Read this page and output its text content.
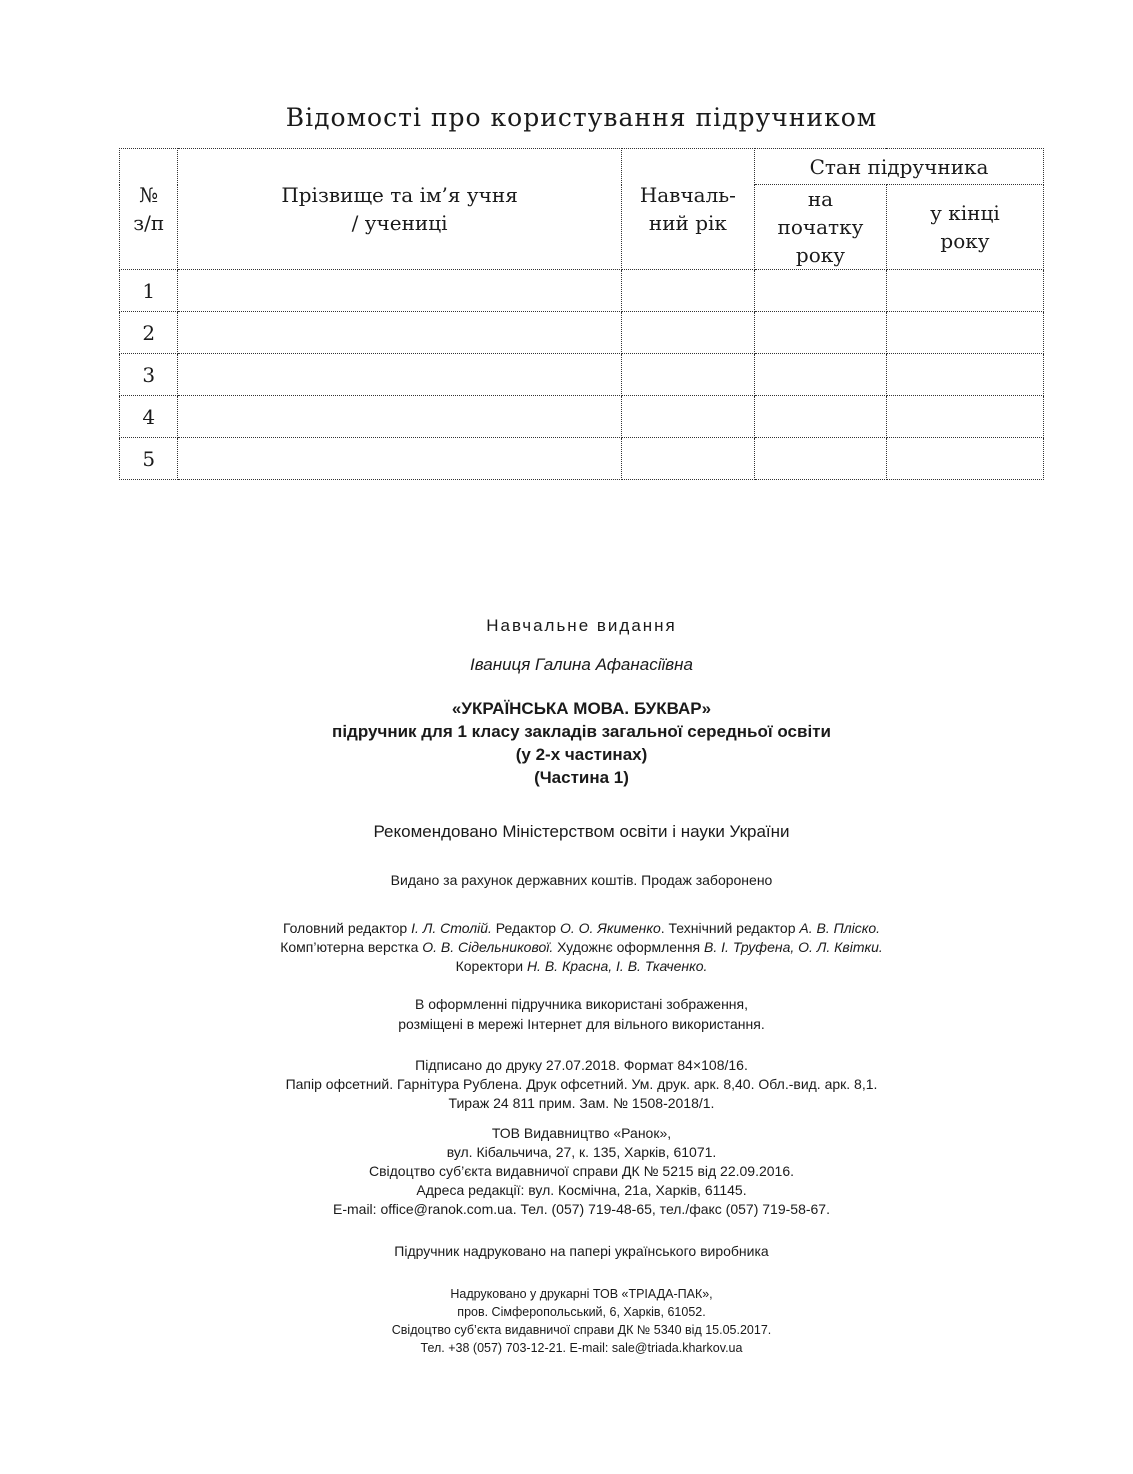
Відомості про користування підручником
№ з/п	Прізвище та ім’я учня / учениці	Навчаль-ний рік	Стан підручника	
			на початку року	у кінці року
1				
2				
3				
4				
5				
Навчальне видання
Іваниця Галина Афанасіївна
«УКРАЇНСЬКА МОВА. БУКВАР»
підручник для 1 класу закладів загальної середньої освіти
(у 2-х частинах)
(Частина 1)
Рекомендовано Міністерством освіти і науки України
Видано за рахунок державних коштів. Продаж заборонено
Головний редактор І. Л. Столій. Редактор О. О. Якименко. Технічний редактор А. В. Пліско.
Комп’ютерна верстка О. В. Сідельникової. Художнє оформлення В. І. Труфена, О. Л. Квітки.
Коректори Н. В. Красна, І. В. Ткаченко.
В оформленні підручника використані зображення,
розміщені в мережі Інтернет для вільного використання.
Підписано до друку 27.07.2018. Формат 84×108/16.
Папір офсетний. Гарнітура Рублена. Друк офсетний. Ум. друк. арк. 8,40. Обл.-вид. арк. 8,1.
Тираж 24 811 прим. Зам. № 1508-2018/1.
ТОВ Видавництво «Ранок»,
вул. Кібальчича, 27, к. 135, Харків, 61071.
Свідоцтво суб’єкта видавничої справи ДК № 5215 від 22.09.2016.
Адреса редакції: вул. Космічна, 21а, Харків, 61145.
E-mail: office@ranok.com.ua. Тел. (057) 719-48-65, тел./факс (057) 719-58-67.
Підручник надруковано на папері українського виробника
Надруковано у друкарні ТОВ «ТРІАДА-ПАК»,
пров. Сімферопольський, 6, Харків, 61052.
Свідоцтво суб’єкта видавничої справи ДК № 5340 від 15.05.2017.
Тел. +38 (057) 703-12-21. E-mail: sale@triada.kharkov.ua
